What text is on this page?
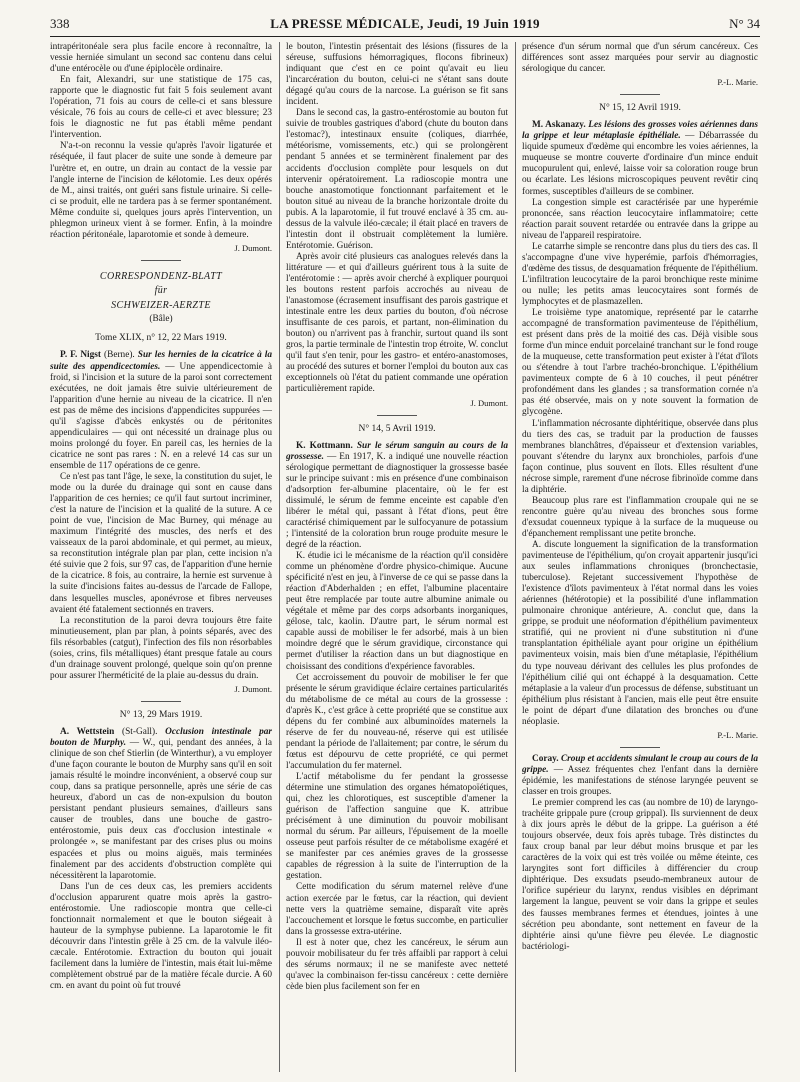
338	LA PRESSE MÉDICALE, Jeudi, 19 Juin 1919	N° 34

intrapéritonéale sera plus facile encore à reconnaître, la vessie herniée simulant un second sac contenu dans celui d'une entérocèle ou d'une épiplocèle ordinaire.

En fait, Alexandri, sur une statistique de 175 cas, rapporte que le diagnostic fut fait 5 fois seulement avant l'opération, 71 fois au cours de celle-ci et sans blessure vésicale, 76 fois au cours de celle-ci et avec blessure; 23 fois le diagnostic ne fut pas établi même pendant l'intervention.

N'a-t-on reconnu la vessie qu'après l'avoir ligaturée et réséquée, il faut placer de suite une sonde à demeure par l'urètre et, en outre, un drain au contact de la vessie par l'angle interne de l'incision de kélotomie. Les deux opérés de M., ainsi traités, ont guéri sans fistule urinaire. Si celle-ci se produit, elle ne tardera pas à se fermer spontanément. Même conduite si, quelques jours après l'intervention, un phlegmon urineux vient à se former. Enfin, à la moindre réaction péritonéale, laparotomie et sonde à demeure.

J. Dumont.
CORRESPONDENZ-BLATT
für
SCHWEIZER-AERZTE
(Bâle)
Tome XLIX, n° 12, 22 Mars 1919.

P. F. Nigst (Berne). Sur les hernies de la cicatrice à la suite des appendicectomies. — Une appendicectomie à froid, si l'incision et la suture de la paroi sont correctement exécutées, ne doit jamais être suivie ultérieurement de l'apparition d'une hernie au niveau de la cicatrice. Il n'en est pas de même des incisions d'appendicites suppurées — qu'il s'agisse d'abcès enkystés ou de péritonites appendiculaires — qui ont nécessité un drainage plus ou moins prolongé du foyer. En pareil cas, les hernies de la cicatrice ne sont pas rares : N. en a relevé 14 cas sur un ensemble de 117 opérations de ce genre.

Ce n'est pas tant l'âge, le sexe, la constitution du sujet, le mode ou la durée du drainage qui sont en cause dans l'apparition de ces hernies; ce qu'il faut surtout incriminer, c'est la nature de l'incision et la qualité de la suture. A ce point de vue, l'incision de Mac Burney, qui ménage au maximum l'intégrité des muscles, des nerfs et des vaisseaux de la paroi abdominale, et qui permet, au mieux, sa reconstitution intégrale plan par plan, cette incision n'a été suivie que 2 fois, sur 97 cas, de l'apparition d'une hernie de la cicatrice. 8 fois, au contraire, la hernie est survenue à la suite d'incisions faites au-dessus de l'arcade de Fallope, dans lesquelles muscles, aponévrose et fibres nerveuses avaient été fatalement sectionnés en travers.

La reconstitution de la paroi devra toujours être faite minutieusement, plan par plan, à points séparés, avec des fils résorbables (catgut), l'infection des fils non résorbables (soies, crins, fils métalliques) étant presque fatale au cours d'un drainage souvent prolongé, quelque soin qu'on prenne pour assurer l'herméticité de la plaie au-dessus du drain.

J. Dumont.
N° 13, 29 Mars 1919.

A. Wettstein (St-Gall). Occlusion intestinale par bouton de Murphy. — W., qui, pendant des années, à la clinique de son chef Stierlin (de Winterthur), a vu employer d'une façon courante le bouton de Murphy sans qu'il en soit jamais résulté le moindre inconvénient, a observé coup sur coup, dans sa pratique personnelle, après une série de cas heureux, d'abord un cas de non-expulsion du bouton persistant pendant plusieurs semaines, d'ailleurs sans causer de troubles, dans une bouche de gastro-entérostomie, puis deux cas d'occlusion intestinale « prolongée », se manifestant par des crises plus ou moins espacées et plus ou moins aiguës, mais terminées finalement par des accidents d'obstruction complète qui nécessitèrent la laparotomie.

Dans l'un de ces deux cas, les premiers accidents d'occlusion apparurent quatre mois après la gastro-entérostomie. Une radioscopie montra que celle-ci fonctionnait normalement et que le bouton siégeait à hauteur de la symphyse pubienne. La laparotomie le fit découvrir dans l'intestin grêle à 25 cm. de la valvule iléo-cæcale. Entérotomie. Extraction du bouton qui jouait facilement dans la lumière de l'intestin, mais était lui-même complètement obstrué par de la matière fécale durcie. A 60 cm. en avant du point où fut trouvé

le bouton, l'intestin présentait des lésions (fissures de la séreuse, suffusions hémorragiques, flocons fibrineux) indiquant que c'est en ce point qu'avait eu lieu l'incarcération du bouton, celui-ci ne s'étant sans doute dégagé qu'au cours de la narcose. La guérison se fit sans incident.

Dans le second cas, la gastro-entérostomie au bouton fut suivie de troubles gastriques d'abord (chute du bouton dans l'estomac?), intestinaux ensuite (coliques, diarrhée, météorisme, vomissements, etc.) qui se prolongèrent pendant 5 années et se terminèrent finalement par des accidents d'occlusion complète pour lesquels on dut intervenir opératoirement. La radioscopie montra une bouche anastomotique fonctionnant parfaitement et le bouton situé au niveau de la branche horizontale droite du pubis. A la laparotomie, il fut trouvé enclavé à 35 cm. au-dessus de la valvule iléo-cæcale; il était placé en travers de l'intestin dont il obstruait complètement la lumière. Entérotomie. Guérison.

Après avoir cité plusieurs cas analogues relevés dans la littérature — et qui d'ailleurs guérirent tous à la suite de l'entérotomie : — après avoir cherché à expliquer pourquoi les boutons restent parfois accrochés au niveau de l'anastomose (écrasement insuffisant des parois gastrique et intestinale entre les deux parties du bouton, d'où nécrose insuffisante de ces parois, et partant, non-élimination du bouton) ou n'arrivent pas à franchir, surtout quand ils sont gros, la partie terminale de l'intestin trop étroite, W. conclut qu'il faut s'en tenir, pour les gastro- et entéro-anastomoses, au procédé des sutures et borner l'emploi du bouton aux cas exceptionnels où l'état du patient commande une opération particulièrement rapide.

J. Dumont.
N° 14, 5 Avril 1919.

K. Kottmann. Sur le sérum sanguin au cours de la grossesse. — En 1917, K. a indiqué une nouvelle réaction sérologique permettant de diagnostiquer la grossesse basée sur le principe suivant : mis en présence d'une combinaison d'adsorption fer-albumine placentaire, où le fer est dissimulé, le sérum de femme enceinte est capable d'en libérer le métal qui, passant à l'état d'ions, peut être caractérisé chimiquement par le sulfocyanure de potassium ; l'intensité de la coloration brun rouge produite mesure le degré de la réaction.

K. étudie ici le mécanisme de la réaction qu'il considère comme un phénomène d'ordre physico-chimique. Aucune spécificité n'est en jeu, à l'inverse de ce qui se passe dans la réaction d'Abderhalden ; en effet, l'albumine placentaire peut être remplacée par toute autre albumine animale ou végétale et même par des corps adsorbants inorganiques, gélose, talc, kaolin. D'autre part, le sérum normal est capable aussi de mobiliser le fer adsorbé, mais à un bien moindre degré que le sérum gravidique, circonstance qui permet d'utiliser la réaction dans un but diagnostique en choisissant des conditions d'expérience favorables.

Cet accroissement du pouvoir de mobiliser le fer que présente le sérum gravidique éclaire certaines particularités du métabolisme de ce métal au cours de la grossesse : d'après K., c'est grâce à cette propriété que se constitue aux dépens du fer combiné aux albuminoïdes maternels la réserve de fer du nouveau-né, réserve qui est utilisée pendant la période de l'allaitement; par contre, le sérum du fœtus est dépourvu de cette propriété, ce qui permet l'accumulation du fer maternel.

L'actif métabolisme du fer pendant la grossesse détermine une stimulation des organes hématopoïétiques, qui, chez les chlorotiques, est susceptible d'amener la guérison de l'affection sanguine que K. attribue précisément à une diminution du pouvoir mobilisant normal du sérum. Par ailleurs, l'épuisement de la moelle osseuse peut parfois résulter de ce métabolisme exagéré et se manifester par ces anémies graves de la grossesse capables de régression à la suite de l'interruption de la gestation.

Cette modification du sérum maternel relève d'une action exercée par le fœtus, car la réaction, qui devient nette vers la quatrième semaine, disparaît vite après l'accouchement et lorsque le fœtus succombe, en particulier dans la grossesse extra-utérine.

Il est à noter que, chez les cancéreux, le sérum aun pouvoir mobilisateur du fer très affaibli par rapport à celui des sérums normaux; il ne se manifeste avec netteté qu'avec la combinaison fer-tissu cancéreux : cette dernière cède bien plus facilement son fer en

présence d'un sérum normal que d'un sérum cancéreux. Ces différences sont assez marquées pour servir au diagnostic sérologique du cancer.

P.-L. Marie.
N° 15, 12 Avril 1919.

M. Askanazy. Les lésions des grosses voies aériennes dans la grippe et leur métaplasie épithéliale. — Débarrassée du liquide spumeux d'œdème qui encombre les voies aériennes, la muqueuse se montre couverte d'ordinaire d'un mince enduit mucopurulent qui, enlevé, laisse voir sa coloration rouge brun ou écarlate. Les lésions microscopiques peuvent revêtir cinq formes, susceptibles d'ailleurs de se combiner.

La congestion simple est caractérisée par une hyperémie prononcée, sans réaction leucocytaire inflammatoire; cette réaction parait souvent retardée ou entravée dans la grippe au niveau de l'appareil respiratoire.

Le catarrhe simple se rencontre dans plus du tiers des cas. Il s'accompagne d'une vive hyperémie, parfois d'hémorragies, d'œdème des tissus, de desquamation fréquente de l'épithélium. L'infiltration leucocytaire de la paroi bronchique reste minime ou nulle; les petits amas leucocytaires sont formés de lymphocytes et de plasmazellen.

Le troisième type anatomique, représenté par le catarrhe accompagné de transformation pavimenteuse de l'épithélium, est présent dans près de la moitié des cas. Déjà visible sous forme d'un mince enduit porcelainé tranchant sur le fond rouge de la muqueuse, cette transformation peut exister à l'état d'îlots ou s'étendre à tout l'arbre trachéo-bronchique. L'épithélium pavimenteux compte de 6 à 10 couches, il peut pénétrer profondément dans les glandes ; sa transformation cornée n'a pas été observée, mais on y note souvent la formation de glycogène.

L'inflammation nécrosante diphtéritique, observée dans plus du tiers des cas, se traduit par la production de fausses membranes blanchâtres, d'épaisseur et d'extension variables, pouvant s'étendre du larynx aux bronchioles, parfois d'une façon continue, plus souvent en îlots. Elles résultent d'une nécrose simple, rarement d'une nécrose fibrinoïde comme dans la diphtérie.

Beaucoup plus rare est l'inflammation croupale qui ne se rencontre guère qu'au niveau des bronches sous forme d'exsudat couenneux typique à la surface de la muqueuse ou d'épanchement remplissant une petite bronche.

A. discute longuement la signification de la transformation pavimenteuse de l'épithélium, qu'on croyait appartenir jusqu'ici aux seules inflammations chroniques (bronchectasie, tuberculose). Rejetant successivement l'hypothèse de l'existence d'îlots pavimenteux à l'état normal dans les voies aériennes (hétérotopie) et la possibilité d'une inflammation pulmonaire chronique antérieure, A. conclut que, dans la grippe, se produit une néoformation d'épithélium pavimenteux stratifié, qui ne provient ni d'une substitution ni d'une transplantation épithéliale ayant pour origine un épithélium pavimenteux voisin, mais bien d'une métaplasie, l'épithélium du type nouveau dérivant des cellules les plus profondes de l'épithélium cilié qui ont échappé à la desquamation. Cette métaplasie a la valeur d'un processus de défense, substituant un épithélium plus résistant à l'ancien, mais elle peut être ensuite le point de départ d'une dilatation des bronches ou d'une néoplasie.

P.-L. Marie.

Coray. Croup et accidents simulant le croup au cours de la grippe. — Assez fréquentes chez l'enfant dans la dernière épidémie, les manifestations de sténose laryngée peuvent se classer en trois groupes.

Le premier comprend les cas (au nombre de 10) de laryngo-trachéite grippale pure (croup grippal). Ils surviennent de deux à dix jours après le début de la grippe. La guérison a été toujours observée, deux fois après tubage. Très distinctes du faux croup banal par leur début moins brusque et par les caractères de la voix qui est très voilée ou même éteinte, ces laryngites sont fort difficiles à différencier du croup diphtérique. Des exsudats pseudo-membraneux autour de l'orifice supérieur du larynx, rendus visibles en déprimant largement la langue, peuvent se voir dans la grippe et seules des fausses membranes fermes et étendues, jointes à une sécrétion peu abondante, sont nettement en faveur de la diphtérie ainsi qu'une fièvre peu élevée. Le diagnostic bactériologi-
